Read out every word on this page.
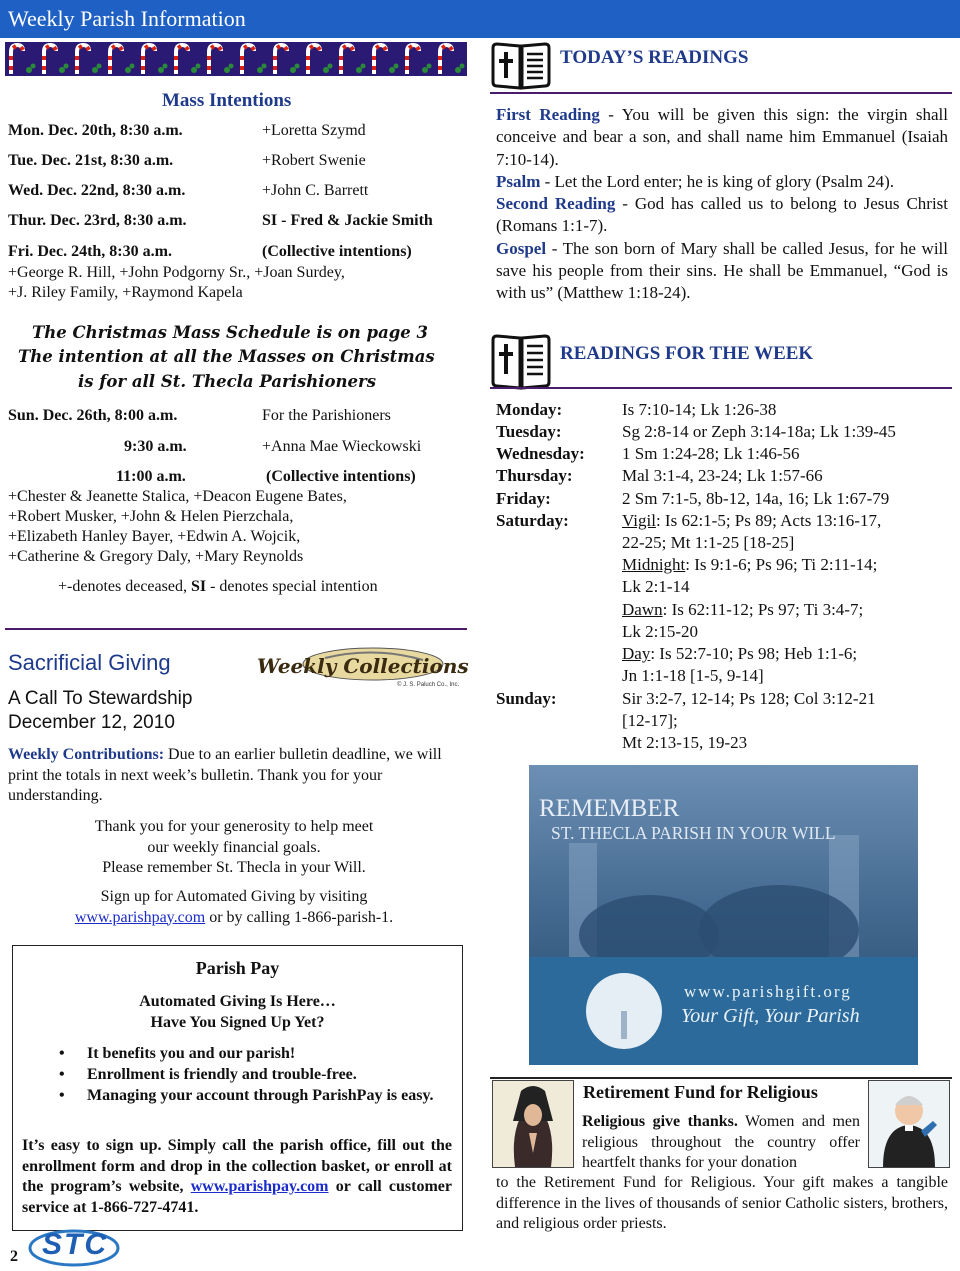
Weekly Parish Information
Mass Intentions
Mon. Dec. 20th, 8:30 a.m.	+Loretta Szymd
Tue. Dec. 21st, 8:30 a.m.	+Robert Swenie
Wed. Dec. 22nd, 8:30 a.m.	+John C. Barrett
Thur. Dec. 23rd, 8:30 a.m.	SI - Fred & Jackie Smith
Fri. Dec. 24th, 8:30 a.m.	(Collective intentions)
+George R. Hill, +John Podgorny Sr., +Joan Surdey,
+J. Riley Family, +Raymond Kapela
The Christmas Mass Schedule is on page 3
The intention at all the Masses on Christmas
is for all St. Thecla Parishioners
Sun. Dec. 26th, 8:00 a.m.	For the Parishioners
9:30 a.m.	+Anna Mae Wieckowski
11:00 a.m.	(Collective intentions)
+Chester & Jeanette Stalica, +Deacon Eugene Bates,
+Robert Musker, +John & Helen Pierzchala,
+Elizabeth Hanley Bayer, +Edwin A. Wojcik,
+Catherine & Gregory Daly, +Mary Reynolds
+-denotes deceased, SI - denotes special intention
Sacrificial Giving	Weekly Collections
© J. S. Paluch Co., Inc.
A Call To Stewardship
December 12, 2010
Weekly Contributions: Due to an earlier bulletin deadline, we will print the totals in next week’s bulletin. Thank you for your understanding.
Thank you for your generosity to help meet
our weekly financial goals.
Please remember St. Thecla in your Will.
Sign up for Automated Giving by visiting
www.parishpay.com or by calling 1-866-parish-1.
Parish Pay
Automated Giving Is Here…
Have You Signed Up Yet?
• It benefits you and our parish!
• Enrollment is friendly and trouble-free.
• Managing your account through ParishPay is easy.
It’s easy to sign up. Simply call the parish office, fill out the enrollment form and drop in the collection basket, or enroll at the program’s website, www.parishpay.com or call customer service at 1-866-727-4741.
2 STC
TODAY’S READINGS
First Reading - You will be given this sign: the virgin shall conceive and bear a son, and shall name him Emmanuel (Isaiah 7:10-14).
Psalm - Let the Lord enter; he is king of glory (Psalm 24).
Second Reading - God has called us to belong to Jesus Christ (Romans 1:1-7).
Gospel - The son born of Mary shall be called Jesus, for he will save his people from their sins. He shall be Emmanuel, “God is with us” (Matthew 1:18-24).
READINGS FOR THE WEEK
Monday:	Is 7:10-14; Lk 1:26-38
Tuesday:	Sg 2:8-14 or Zeph 3:14-18a; Lk 1:39-45
Wednesday: 1 Sm 1:24-28; Lk 1:46-56
Thursday:	Mal 3:1-4, 23-24; Lk 1:57-66
Friday:	2 Sm 7:1-5, 8b-12, 14a, 16; Lk 1:67-79
Saturday:	Vigil: Is 62:1-5; Ps 89; Acts 13:16-17,
22-25; Mt 1:1-25 [18-25]
Midnight: Is 9:1-6; Ps 96; Ti 2:11-14;
Lk 2:1-14
Dawn: Is 62:11-12; Ps 97; Ti 3:4-7;
Lk 2:15-20
Day: Is 52:7-10; Ps 98; Heb 1:1-6;
Jn 1:1-18 [1-5, 9-14]
Sunday:	Sir 3:2-7, 12-14; Ps 128; Col 3:12-21
[12-17];
Mt 2:13-15, 19-23
REMEMBER
ST. THECLA PARISH IN YOUR WILL
www.parishgift.org
Your Gift, Your Parish
Retirement Fund for Religious
Religious give thanks. Women and men religious throughout the country offer heartfelt thanks for your donation
to the Retirement Fund for Religious. Your gift makes a tangible difference in the lives of thousands of senior Catholic sisters, brothers, and religious order priests.
